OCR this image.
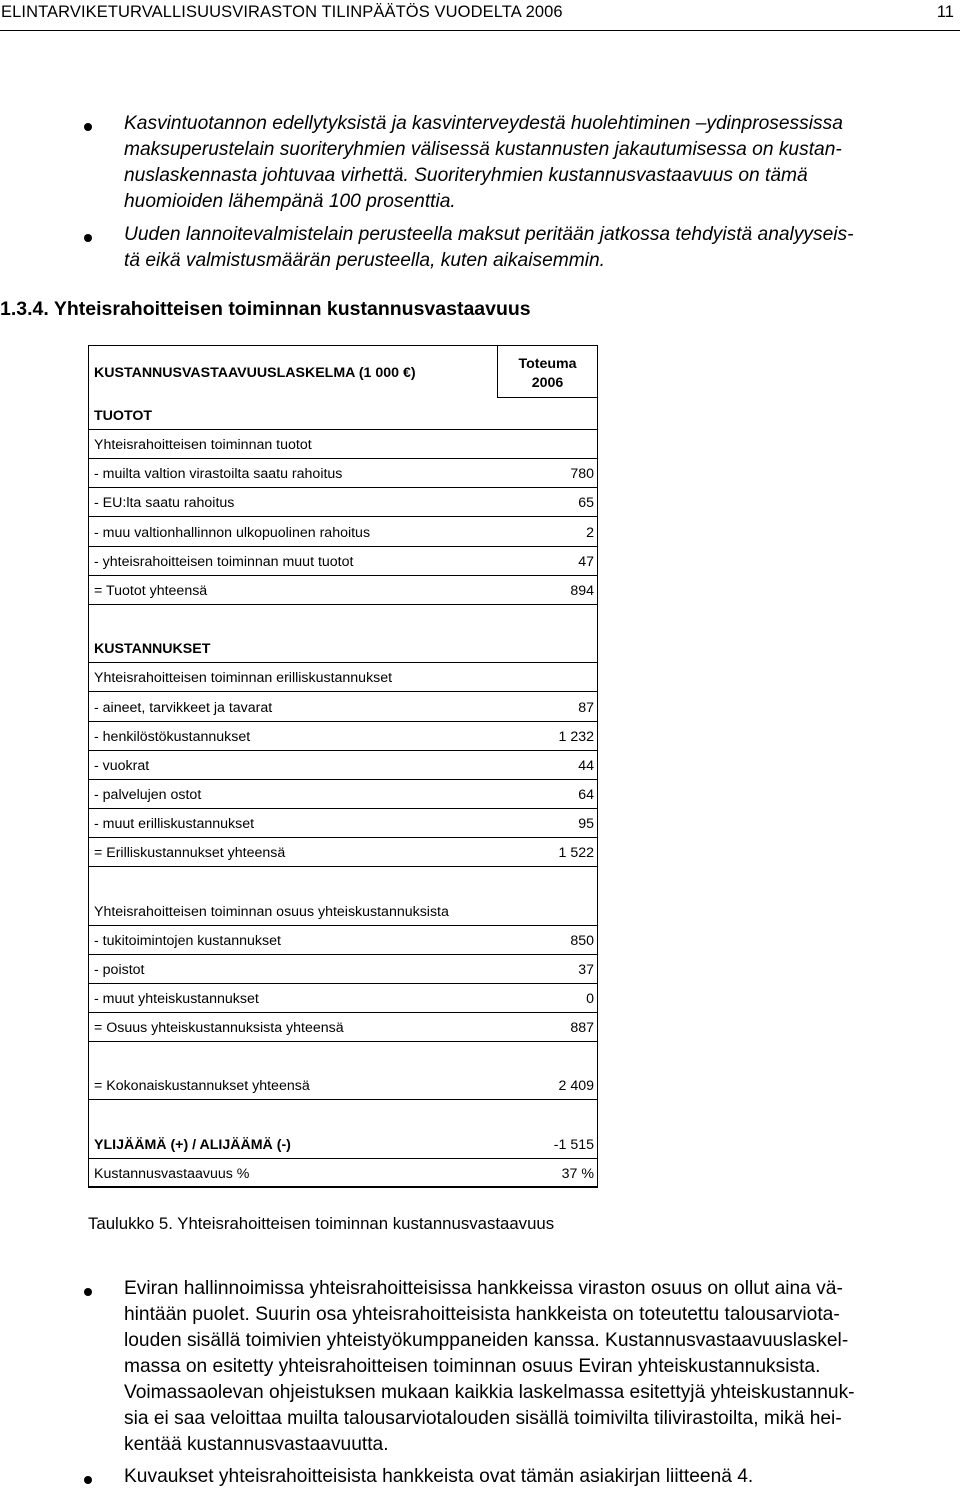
ELINTARVIKETURVALLISUUSVIRASTON TILINPÄÄTÖS VUODELTA 2006	11
Kasvintuotannon edellytyksistä ja kasvinterveydestä huolehtiminen –ydinprosessissa
maksuperustelain suoriteryhmien välisessä kustannusten jakautumisessa on kustan-
nuslaskennasta johtuvaa virhettä. Suoriteryhmien kustannusvastaavuus on tämä
huomioiden lähempänä 100 prosenttia.
Uuden lannoitevalmistelain perusteella maksut peritään jatkossa tehdyistä analyyseis-
tä eikä valmistusmäärän perusteella, kuten aikaisemmin.
1.3.4. Yhteisrahoitteisen toiminnan kustannusvastaavuus
KUSTANNUSVASTAAVUUSLASKELMA (1 000 €)
Toteuma
2006
TUOTOT
Yhteisrahoitteisen toiminnan tuotot
- muilta valtion virastoilta saatu rahoitus	780
- EU:lta saatu rahoitus	65
- muu valtionhallinnon ulkopuolinen rahoitus	2
- yhteisrahoitteisen toiminnan muut tuotot	47
= Tuotot yhteensä	894
KUSTANNUKSET
Yhteisrahoitteisen toiminnan erilliskustannukset
- aineet, tarvikkeet ja tavarat	87
- henkilöstökustannukset	1 232
- vuokrat	44
- palvelujen ostot	64
- muut erilliskustannukset	95
= Erilliskustannukset yhteensä	1 522
Yhteisrahoitteisen toiminnan osuus yhteiskustannuksista
- tukitoimintojen kustannukset	850
- poistot	37
- muut yhteiskustannukset	0
= Osuus yhteiskustannuksista yhteensä	887
= Kokonaiskustannukset yhteensä	2 409
YLIJÄÄMÄ (+) / ALIJÄÄMÄ (-)	-1 515
Kustannusvastaavuus %	37 %
Taulukko 5. Yhteisrahoitteisen toiminnan kustannusvastaavuus
Eviran hallinnoimissa yhteisrahoitteisissa hankkeissa viraston osuus on ollut aina vä-
hintään puolet. Suurin osa yhteisrahoitteisista hankkeista on toteutettu talousarviota-
louden sisällä toimivien yhteistyökumppaneiden kanssa. Kustannusvastaavuuslaskel-
massa on esitetty yhteisrahoitteisen toiminnan osuus Eviran yhteiskustannuksista.
Voimassaolevan ohjeistuksen mukaan kaikkia laskelmassa esitettyjä yhteiskustannuk-
sia ei saa veloittaa muilta talousarviotalouden sisällä toimivilta tilivirastoilta, mikä hei-
kentää kustannusvastaavuutta.
Kuvaukset yhteisrahoitteisista hankkeista ovat tämän asiakirjan liitteenä 4.
